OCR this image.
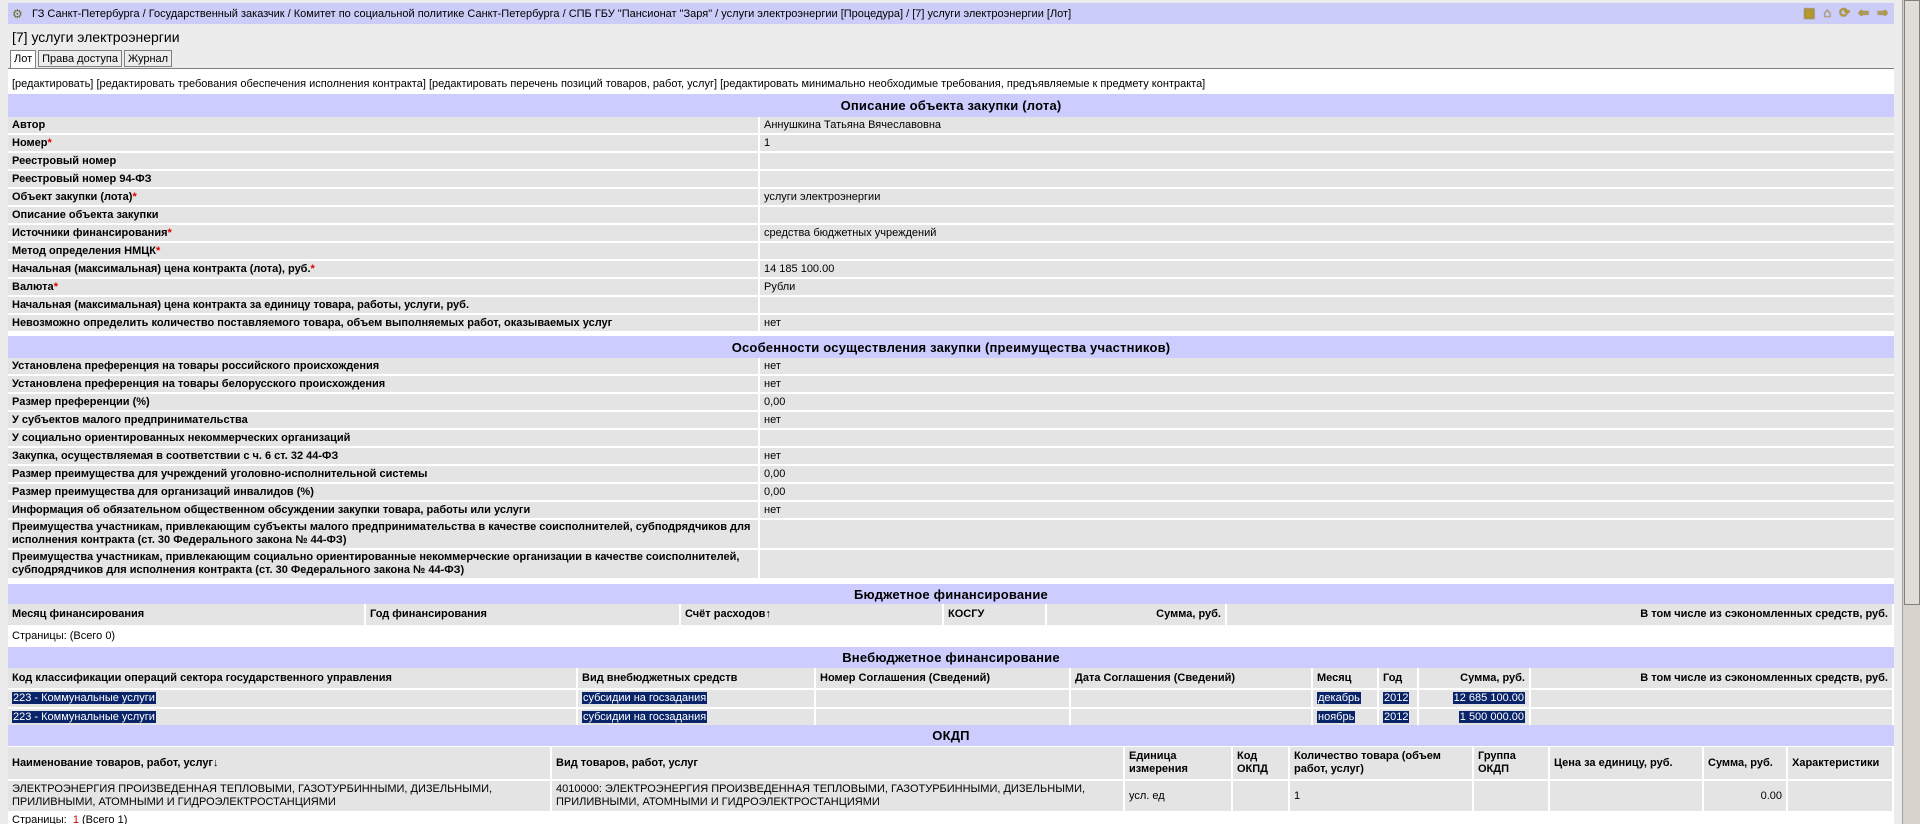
⚙ ГЗ Санкт-Петербурга / Государственный заказчик / Комитет по социальной политике Санкт-Петербурга / СПБ ГБУ "Пансионат "Заря" / услуги электроэнергии [Процедура] / [7] услуги электроэнергии [Лот]	▣ ⌂ ⟳ ⇐ ⇒
[7] услуги электроэнергии
Лот Права доступа Журнал
[редактировать] [редактировать требования обеспечения исполнения контракта] [редактировать перечень позиций товаров, работ, услуг] [редактировать минимально необходимые требования, предъявляемые к предмету контракта]
Описание объекта закупки (лота)
Автор	Аннушкина Татьяна Вячеславовна
Номер *	1
Реестровый номер
Реестровый номер 94-ФЗ
Объект закупки (лота) *	услуги электроэнергии
Описание объекта закупки
Источники финансирования *	средства бюджетных учреждений
Метод определения НМЦК *
Начальная (максимальная) цена контракта (лота), руб. *	14 185 100.00
Валюта *	Рубли
Начальная (максимальная) цена контракта за единицу товара, работы, услуги, руб.
Невозможно определить количество поставляемого товара, объем выполняемых работ, оказываемых услуг	нет
Особенности осуществления закупки (преимущества участников)
Установлена преференция на товары российского происхождения	нет
Установлена преференция на товары белорусского происхождения	нет
Размер преференции (%)	0,00
У субъектов малого предпринимательства	нет
У социально ориентированных некоммерческих организаций
Закупка, осуществляемая в соответствии с ч. 6 ст. 32 44-ФЗ	нет
Размер преимущества для учреждений уголовно-исполнительной системы	0,00
Размер преимущества для организаций инвалидов (%)	0,00
Информация об обязательном общественном обсуждении закупки товара, работы или услуги	нет
Преимущества участникам, привлекающим субъекты малого предпринимательства в качестве соисполнителей, субподрядчиков для исполнения контракта (ст. 30 Федерального закона № 44-ФЗ)
Преимущества участникам, привлекающим социально ориентированные некоммерческие организации в качестве соисполнителей, субподрядчиков для исполнения контракта (ст. 30 Федерального закона № 44-ФЗ)
Бюджетное финансирование
Месяц финансирования	Год финансирования	Счёт расходов↑	КОСГУ	Сумма, руб.	В том числе из сэкономленных средств, руб.
Страницы: (Всего 0)
Внебюджетное финансирование
Код классификации операций сектора государственного управления	Вид внебюджетных средств	Номер Соглашения (Сведений)	Дата Соглашения (Сведений)	Месяц	Год	Сумма, руб.	В том числе из сэкономленных средств, руб.
223 - Коммунальные услуги	субсидии на госзадания			декабрь	2012	12 685 100.00	
223 - Коммунальные услуги	субсидии на госзадания			ноябрь	2012	1 500 000.00	
ОКДП
Наименование товаров, работ, услуг↓	Вид товаров, работ, услуг	Единица измерения	Код ОКПД	Количество товара (объем работ, услуг)	Группа ОКДП	Цена за единицу, руб.	Сумма, руб.	Характеристики
ЭЛЕКТРОЭНЕРГИЯ ПРОИЗВЕДЕННАЯ ТЕПЛОВЫМИ, ГАЗОТУРБИННЫМИ, ДИЗЕЛЬНЫМИ, ПРИЛИВНЫМИ, АТОМНЫМИ И ГИДРОЭЛЕКТРОСТАНЦИЯМИ	4010000: ЭЛЕКТРОЭНЕРГИЯ ПРОИЗВЕДЕННАЯ ТЕПЛОВЫМИ, ГАЗОТУРБИННЫМИ, ДИЗЕЛЬНЫМИ, ПРИЛИВНЫМИ, АТОМНЫМИ И ГИДРОЭЛЕКТРОСТАНЦИЯМИ	усл. ед		1			0.00	
Страницы: 1 (Всего 1)
